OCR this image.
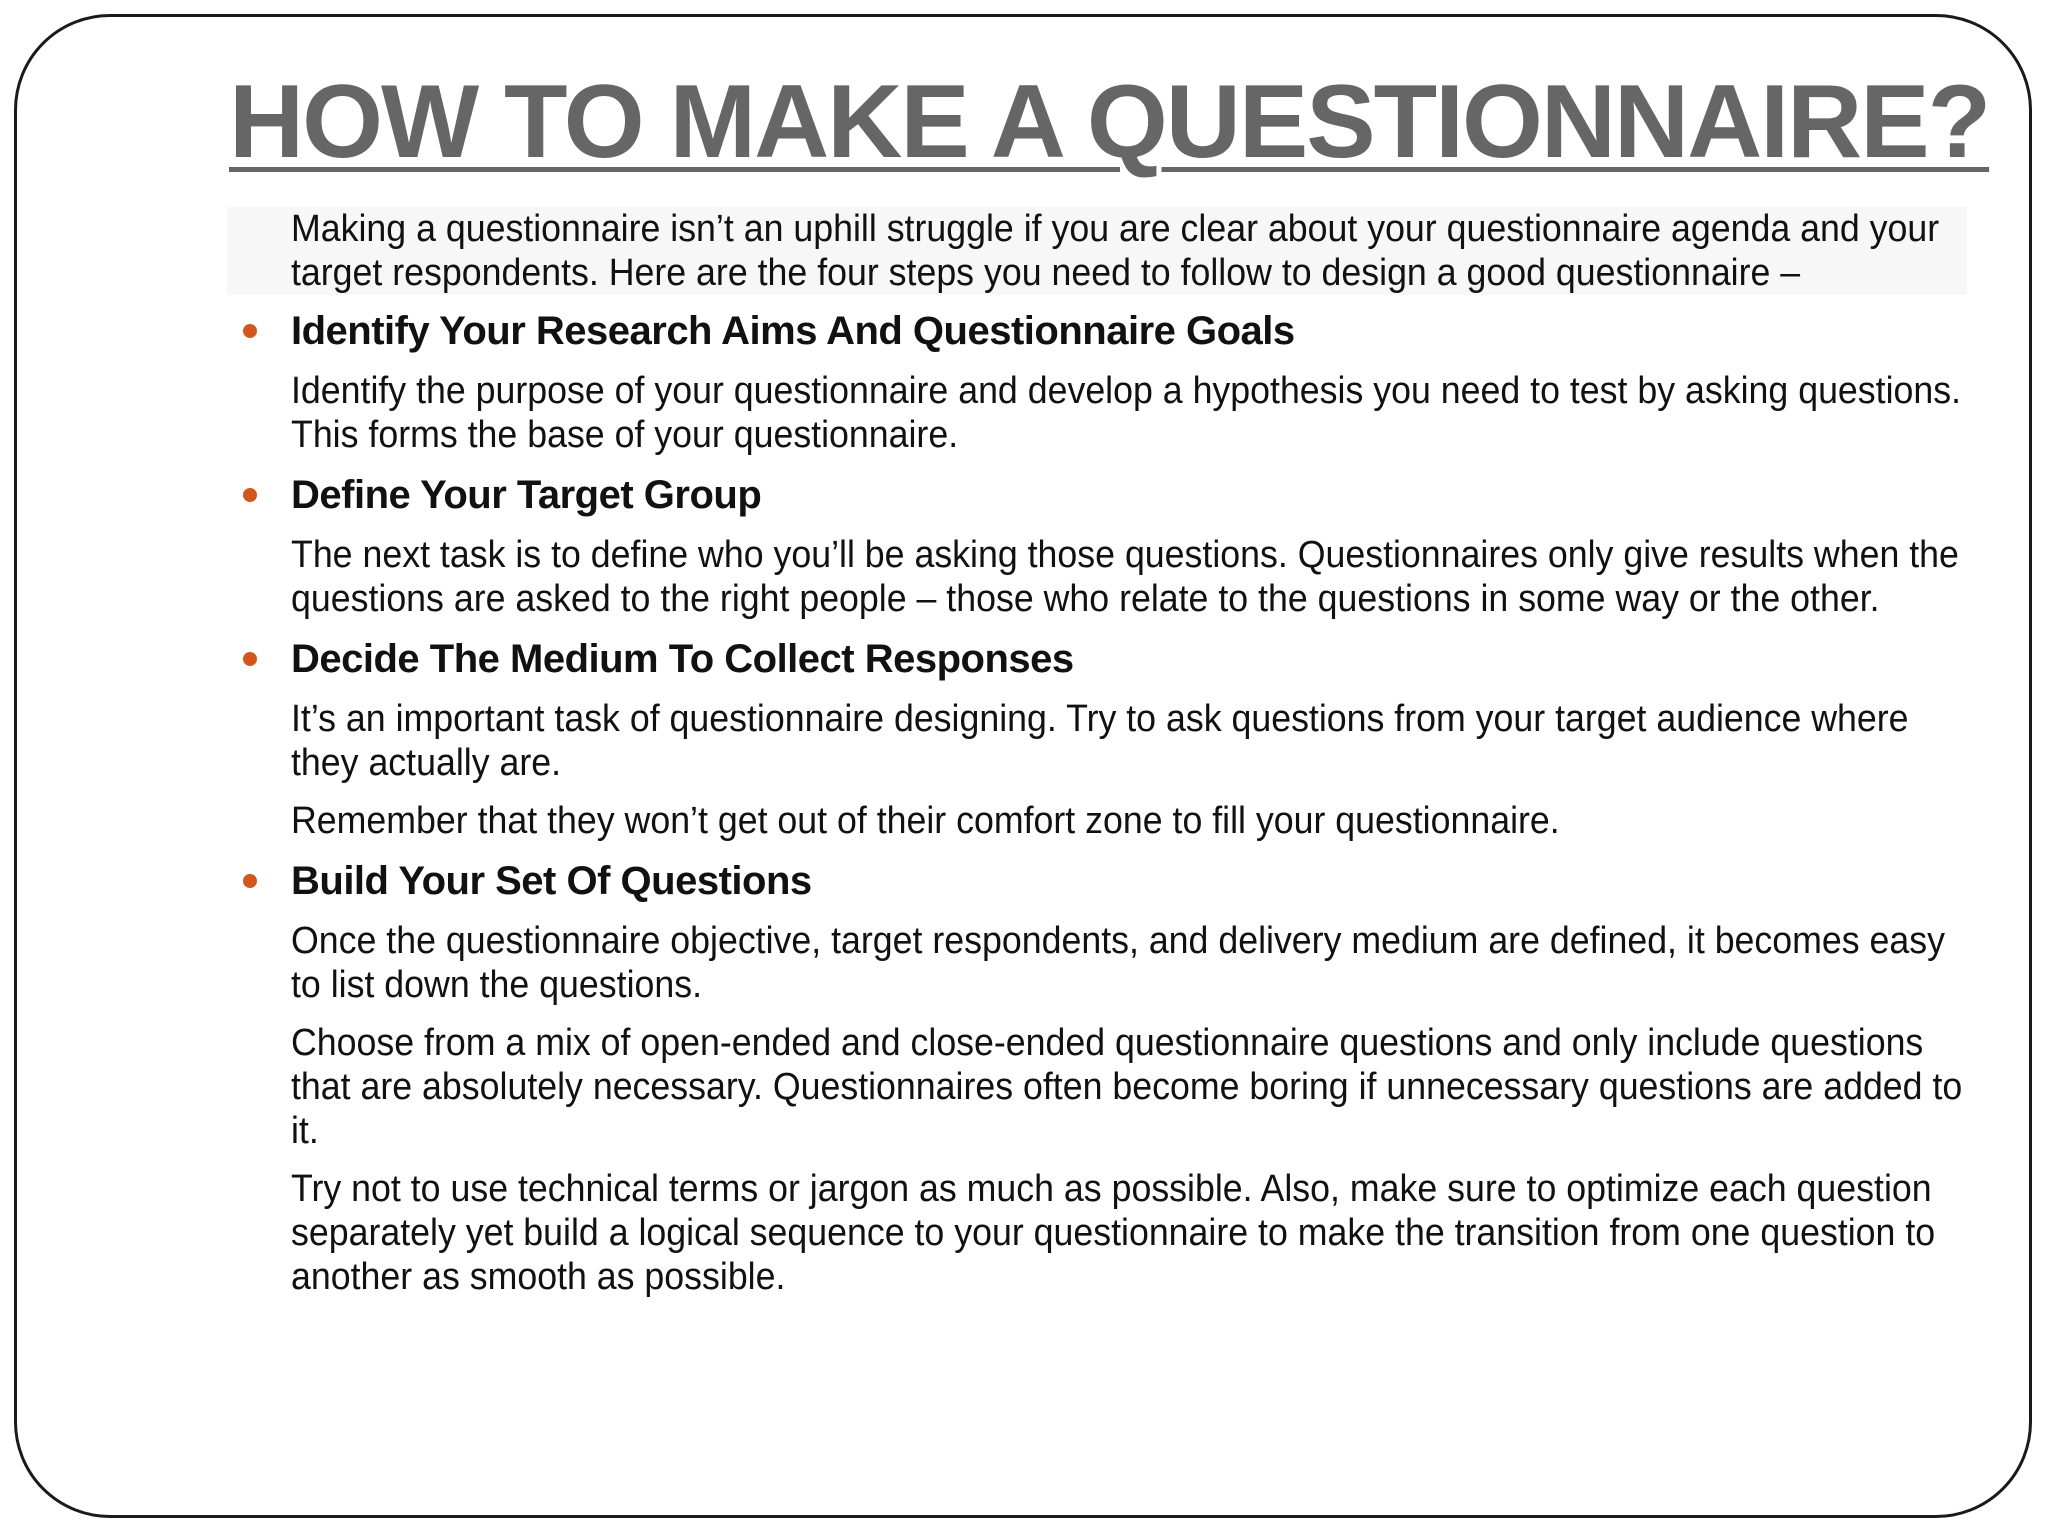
HOW TO MAKE A QUESTIONNAIRE?

Making a questionnaire isn’t an uphill struggle if you are clear about your questionnaire agenda and your target respondents. Here are the four steps you need to follow to design a good questionnaire –

Identify Your Research Aims And Questionnaire Goals

Identify the purpose of your questionnaire and develop a hypothesis you need to test by asking questions. This forms the base of your questionnaire.

Define Your Target Group

The next task is to define who you’ll be asking those questions. Questionnaires only give results when the questions are asked to the right people – those who relate to the questions in some way or the other.

Decide The Medium To Collect Responses

It’s an important task of questionnaire designing. Try to ask questions from your target audience where they actually are.

Remember that they won’t get out of their comfort zone to fill your questionnaire.

Build Your Set Of Questions

Once the questionnaire objective, target respondents, and delivery medium are defined, it becomes easy to list down the questions.

Choose from a mix of open-ended and close-ended questionnaire questions and only include questions that are absolutely necessary. Questionnaires often become boring if unnecessary questions are added to it.

Try not to use technical terms or jargon as much as possible. Also, make sure to optimize each question separately yet build a logical sequence to your questionnaire to make the transition from one question to another as smooth as possible.
